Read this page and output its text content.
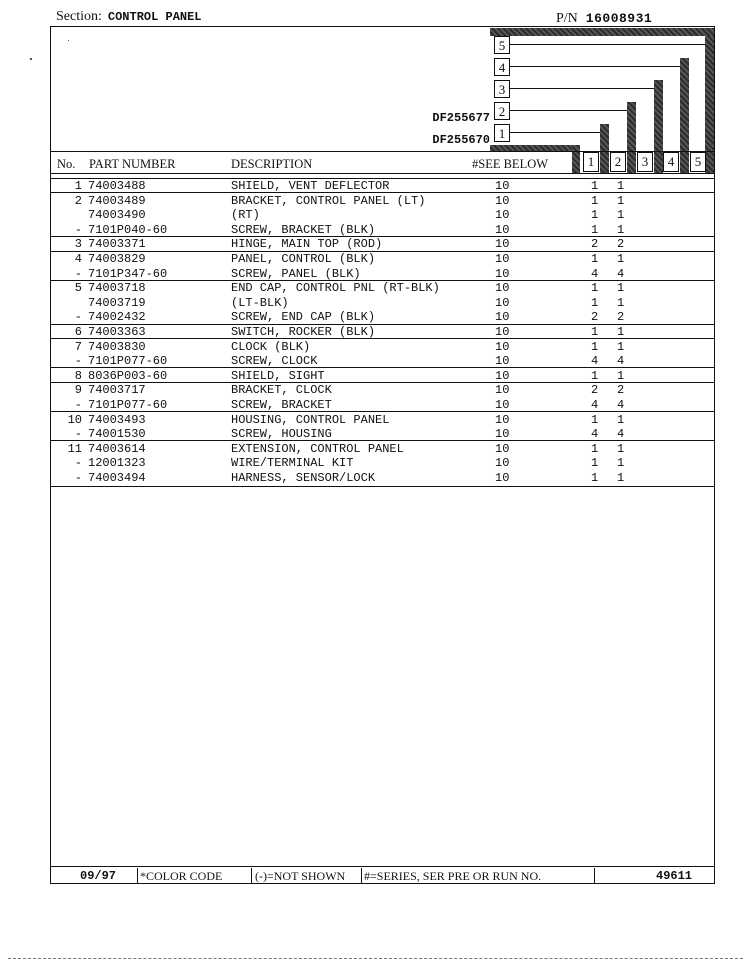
Section: CONTROL PANEL	P/N 16008931
5
4
3
2
1
1	2	3	4	5
DF255677
DF255670
No. PART NUMBER	DESCRIPTION	#SEE BELOW
1 74003488	SHIELD, VENT DEFLECTOR	10	1 1
2 74003489	BRACKET, CONTROL PANEL (LT)	10	1 1
74003490	(RT)	10	1 1
- 7101P040-60	SCREW, BRACKET (BLK)	10	1 1
3 74003371	HINGE, MAIN TOP (ROD)	10	2 2
4 74003829	PANEL, CONTROL (BLK)	10	1 1
- 7101P347-60	SCREW, PANEL (BLK)	10	4 4
5 74003718	END CAP, CONTROL PNL (RT-BLK)	10	1 1
74003719	(LT-BLK)	10	1 1
- 74002432	SCREW, END CAP (BLK)	10	2 2
6 74003363	SWITCH, ROCKER (BLK)	10	1 1
7 74003830	CLOCK (BLK)	10	1 1
- 7101P077-60	SCREW, CLOCK	10	4 4
8 8036P003-60	SHIELD, SIGHT	10	1 1
9 74003717	BRACKET, CLOCK	10	2 2
- 7101P077-60	SCREW, BRACKET	10	4 4
10 74003493	HOUSING, CONTROL PANEL	10	1 1
- 74001530	SCREW, HOUSING	10	4 4
11 74003614	EXTENSION, CONTROL PANEL	10	1 1
- 12001323	WIRE/TERMINAL KIT	10	1 1
- 74003494	HARNESS, SENSOR/LOCK	10	1 1
09/97 *COLOR CODE	(-)=NOT SHOWN #=SERIES, SER PRE OR RUN NO.	49611
